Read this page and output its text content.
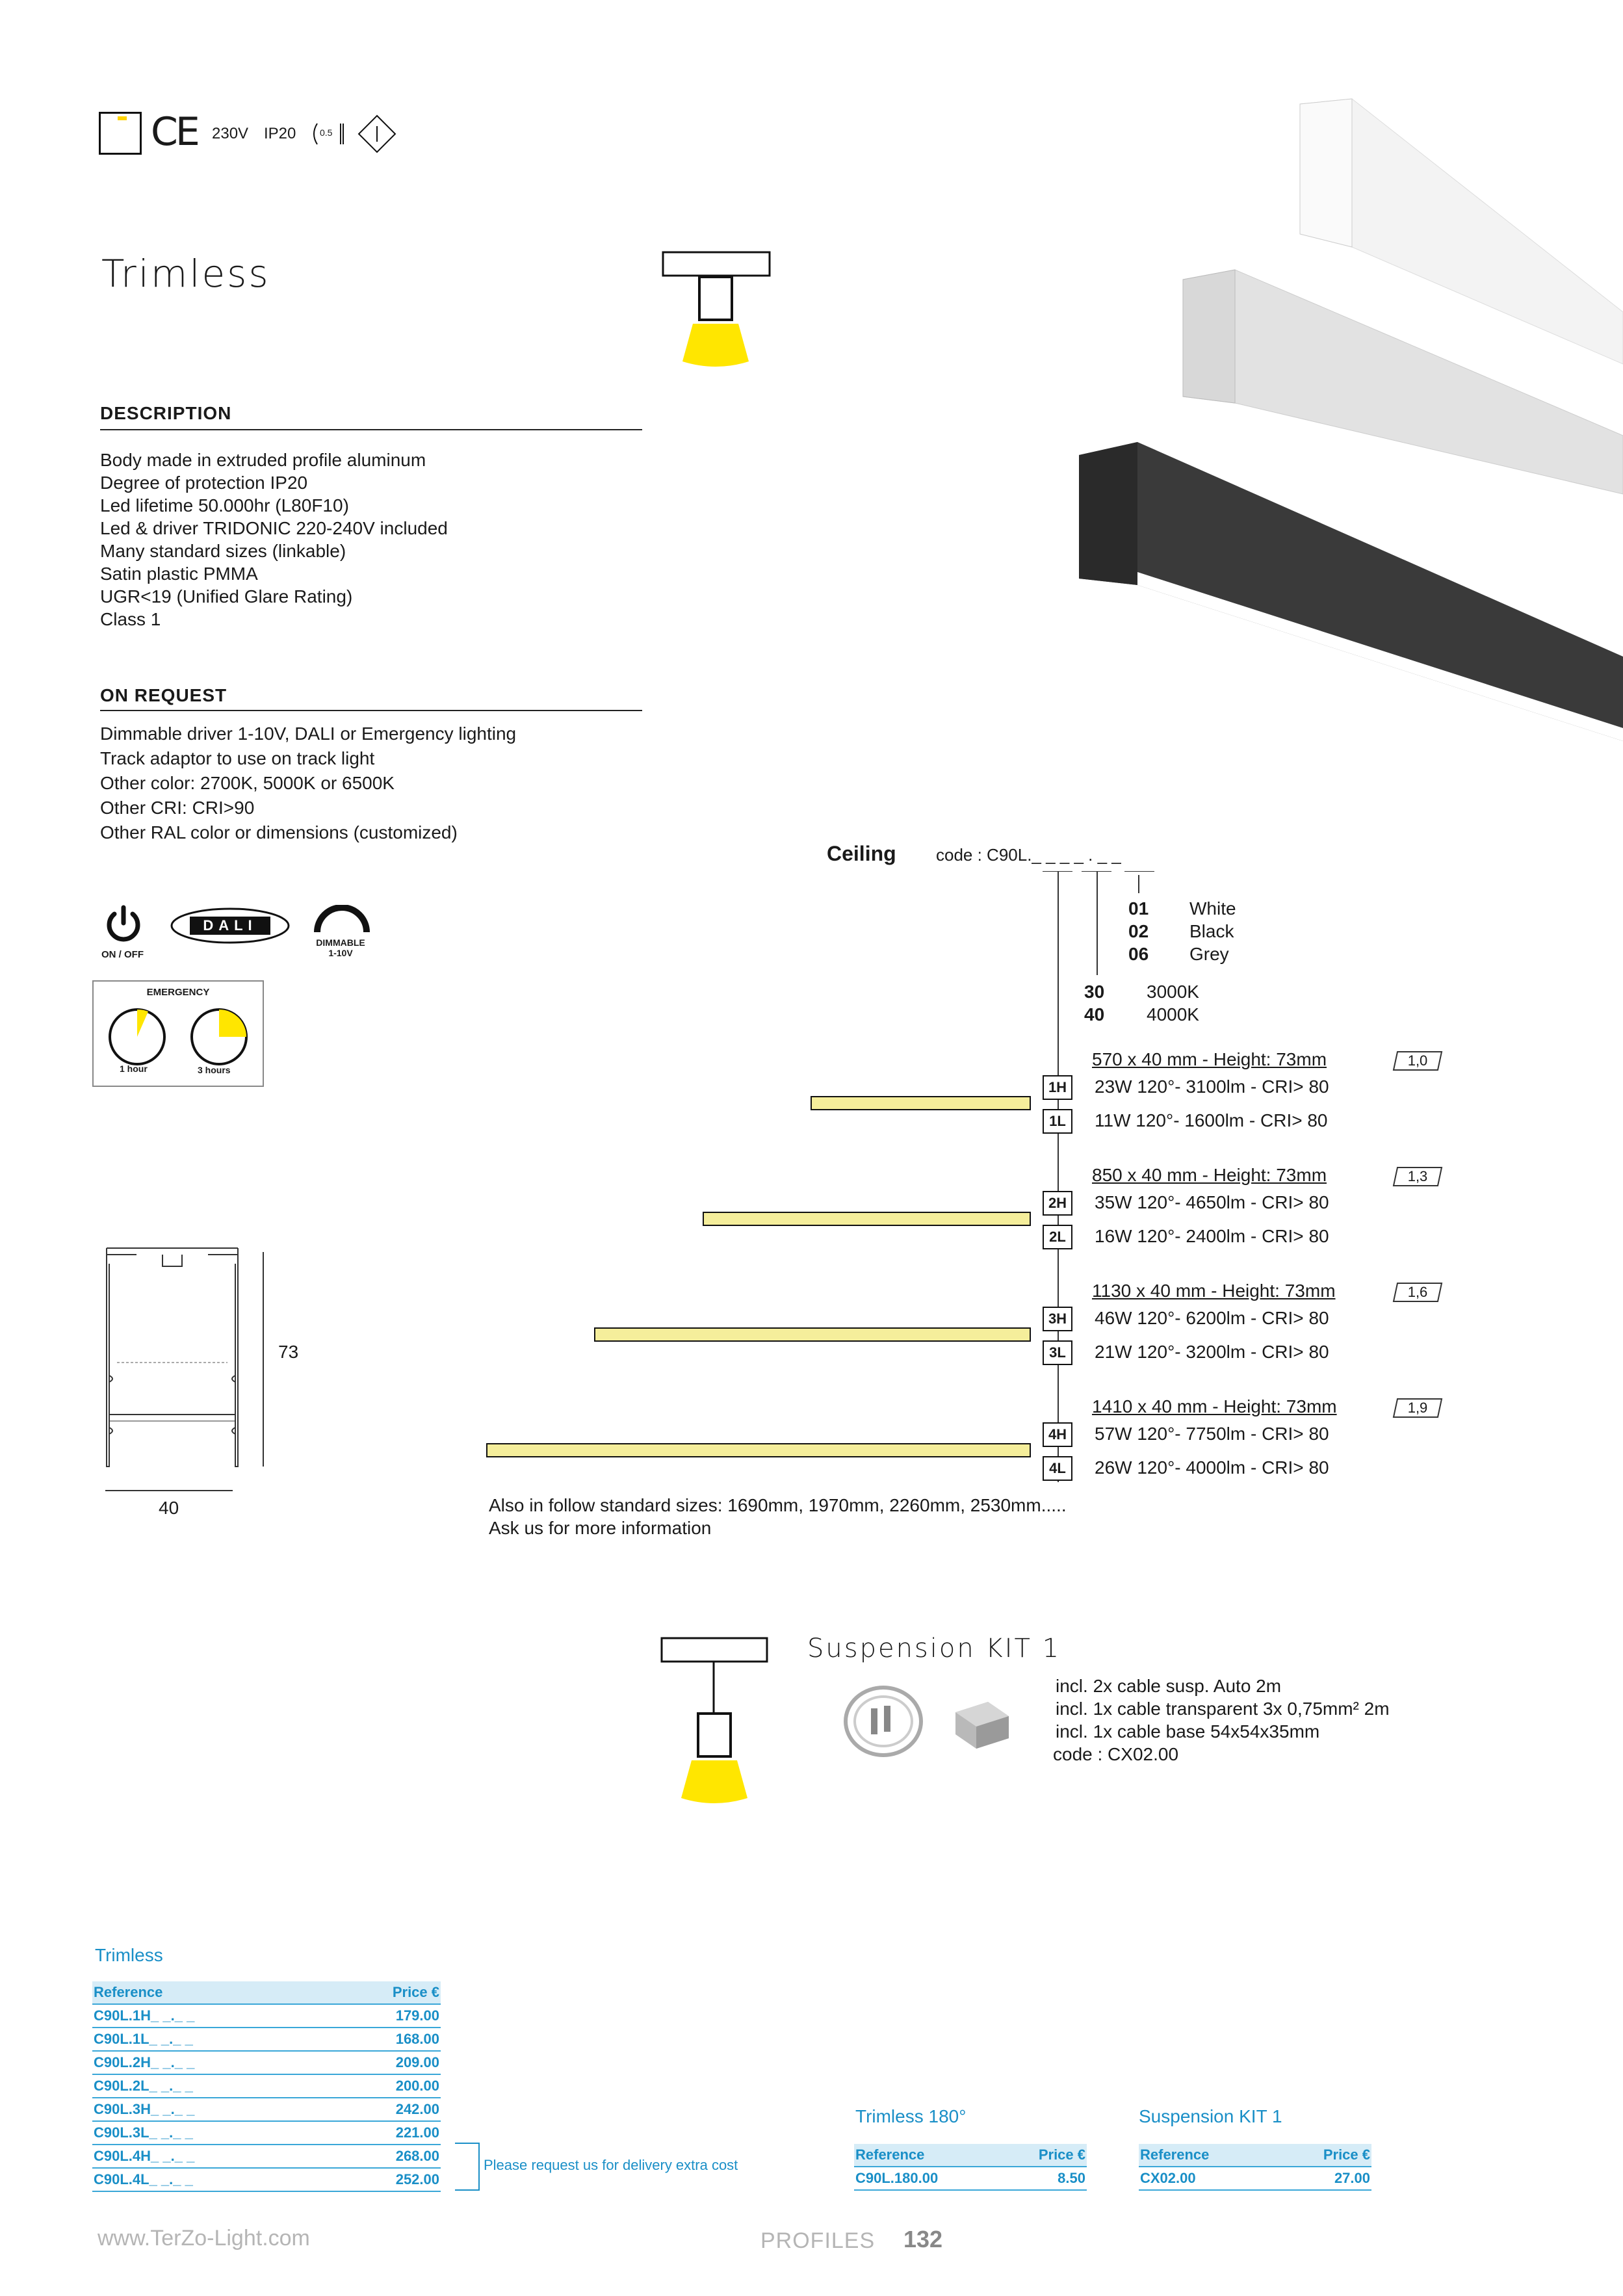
CE 230V IP20	0.5
Trimless
DESCRIPTION
Body made in extruded profile aluminum
Degree of protection IP20
Led lifetime 50.000hr (L80F10)
Led & driver TRIDONIC 220-240V included
Many standard sizes (linkable)
Satin plastic PMMA
UGR<19 (Unified Glare Rating)
Class 1
ON REQUEST
Dimmable driver 1-10V, DALI or Emergency lighting
Track adaptor to use on track light
Other color: 2700K, 5000K or 6500K
Other CRI: CRI>90
Other RAL color or dimensions (customized)
ON / OFF
DALI
DIMMABLE
1-10V
EMERGENCY
1 hour	3 hours
73
40
Ceiling code : C90L._ _ _ _ . _ _
01 White
02 Black
06 Grey
30 3000K
40 4000K
570 x 40 mm - Height: 73mm	1,0
1H	23W 120°- 3100lm - CRI> 80
1L	11W 120°- 1600lm - CRI> 80
850 x 40 mm - Height: 73mm	1,3
2H	35W 120°- 4650lm - CRI> 80
2L	16W 120°- 2400lm - CRI> 80
1130 x 40 mm - Height: 73mm	1,6
3H	46W 120°- 6200lm - CRI> 80
3L	21W 120°- 3200lm - CRI> 80
1410 x 40 mm - Height: 73mm	1,9
4H	57W 120°- 7750lm - CRI> 80
4L	26W 120°- 4000lm - CRI> 80
Also in follow standard sizes: 1690mm, 1970mm, 2260mm, 2530mm.....
Ask us for more information
Suspension KIT 1
incl. 2x cable susp. Auto 2m
incl. 1x cable transparent 3x 0,75mm² 2m
incl. 1x cable base 54x54x35mm
code : CX02.00
Trimless
Reference	Price €
C90L.1H_ _._ _	179.00
C90L.1L_ _._ _	168.00
C90L.2H_ _._ _	209.00
C90L.2L_ _._ _	200.00
C90L.3H_ _._ _	242.00
C90L.3L_ _._ _	221.00
C90L.4H_ _._ _	268.00
C90L.4L_ _._ _	252.00
Please request us for delivery extra cost
Trimless 180°
Reference	Price €
C90L.180.00	8.50
Suspension KIT 1
Reference	Price €
CX02.00	27.00
www.TerZo-Light.com	PROFILES 132
